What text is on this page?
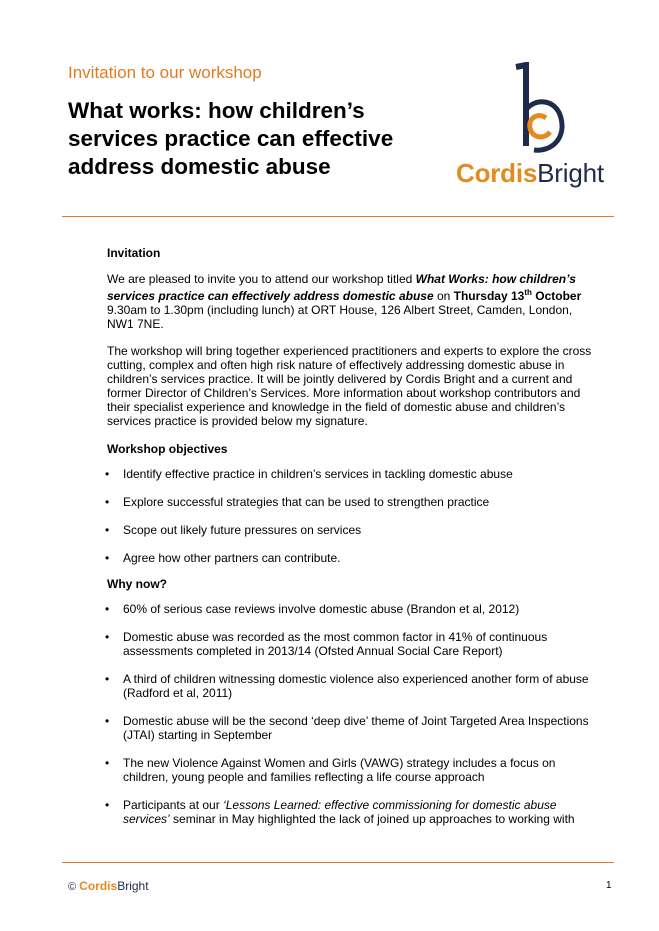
Invitation to our workshop
What works: how children’s services practice can effective address domestic abuse	CordisBright
Invitation

We are pleased to invite you to attend our workshop titled What Works: how children’s services practice can effectively address domestic abuse on Thursday 13th October 9.30am to 1.30pm (including lunch) at ORT House, 126 Albert Street, Camden, London, NW1 7NE.

The workshop will bring together experienced practitioners and experts to explore the cross cutting, complex and often high risk nature of effectively addressing domestic abuse in children’s services practice. It will be jointly delivered by Cordis Bright and a current and former Director of Children’s Services. More information about workshop contributors and their specialist experience and knowledge in the field of domestic abuse and children’s services practice is provided below my signature.

Workshop objectives
• Identify effective practice in children’s services in tackling domestic abuse
• Explore successful strategies that can be used to strengthen practice
• Scope out likely future pressures on services
• Agree how other partners can contribute.
Why now?
• 60% of serious case reviews involve domestic abuse (Brandon et al, 2012)
• Domestic abuse was recorded as the most common factor in 41% of continuous assessments completed in 2013/14 (Ofsted Annual Social Care Report)
• A third of children witnessing domestic violence also experienced another form of abuse (Radford et al, 2011)
• Domestic abuse will be the second ‘deep dive’ theme of Joint Targeted Area Inspections (JTAI) starting in September
• The new Violence Against Women and Girls (VAWG) strategy includes a focus on children, young people and families reflecting a life course approach
• Participants at our ‘Lessons Learned: effective commissioning for domestic abuse services’ seminar in May highlighted the lack of joined up approaches to working with
© CordisBright	1
